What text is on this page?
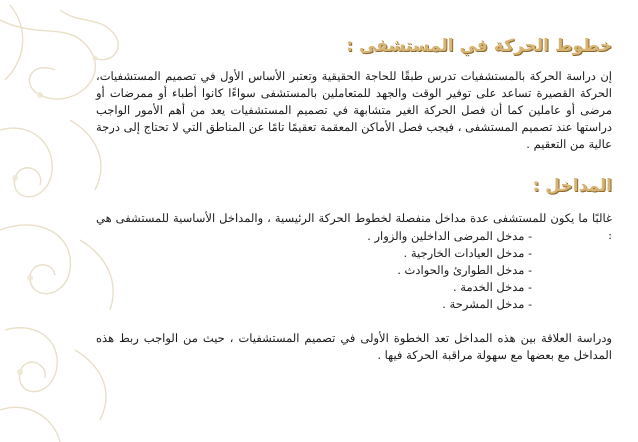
خطوط الحركة في المستشفى :

إن دراسة الحركة بالمستشفيات تدرس طبقًا للحاجة الحقيقية وتعتبر الأساس الأول في تصميم المستشفيات، الحركة القصيرة تساعد على توفير الوقت والجهد للمتعاملين بالمستشفى سواءًا كانوا أطباء أو ممرضات أو مرضى أو عاملين كما أن فصل الحركة الغير متشابهة في تصميم المستشفيات يعد من أهم الأمور الواجب دراستها عند تصميم المستشفى ، فيجب فصل الأماكن المعقمة تعقيمًا تامًا عن المناطق التي لا تحتاج إلى درجة عالية من التعقيم .

المداخل :

غالبًا ما يكون للمستشفى عدة مداخل منفصلة لخطوط الحركة الرئيسية ، والمداخل الأساسية للمستشفى هي :

- مدخل المرضى الداخلين والزوار .
- مدخل العيادات الخارجية .
- مدخل الطوارئ والحوادث .
- مدخل الخدمة .
- مدخل المشرحة .

ودراسة العلاقة بين هذه المداخل تعد الخطوة الأولى في تصميم المستشفيات ، حيث من الواجب ربط هذه المداخل مع بعضها مع سهولة مراقبة الحركة فيها .
